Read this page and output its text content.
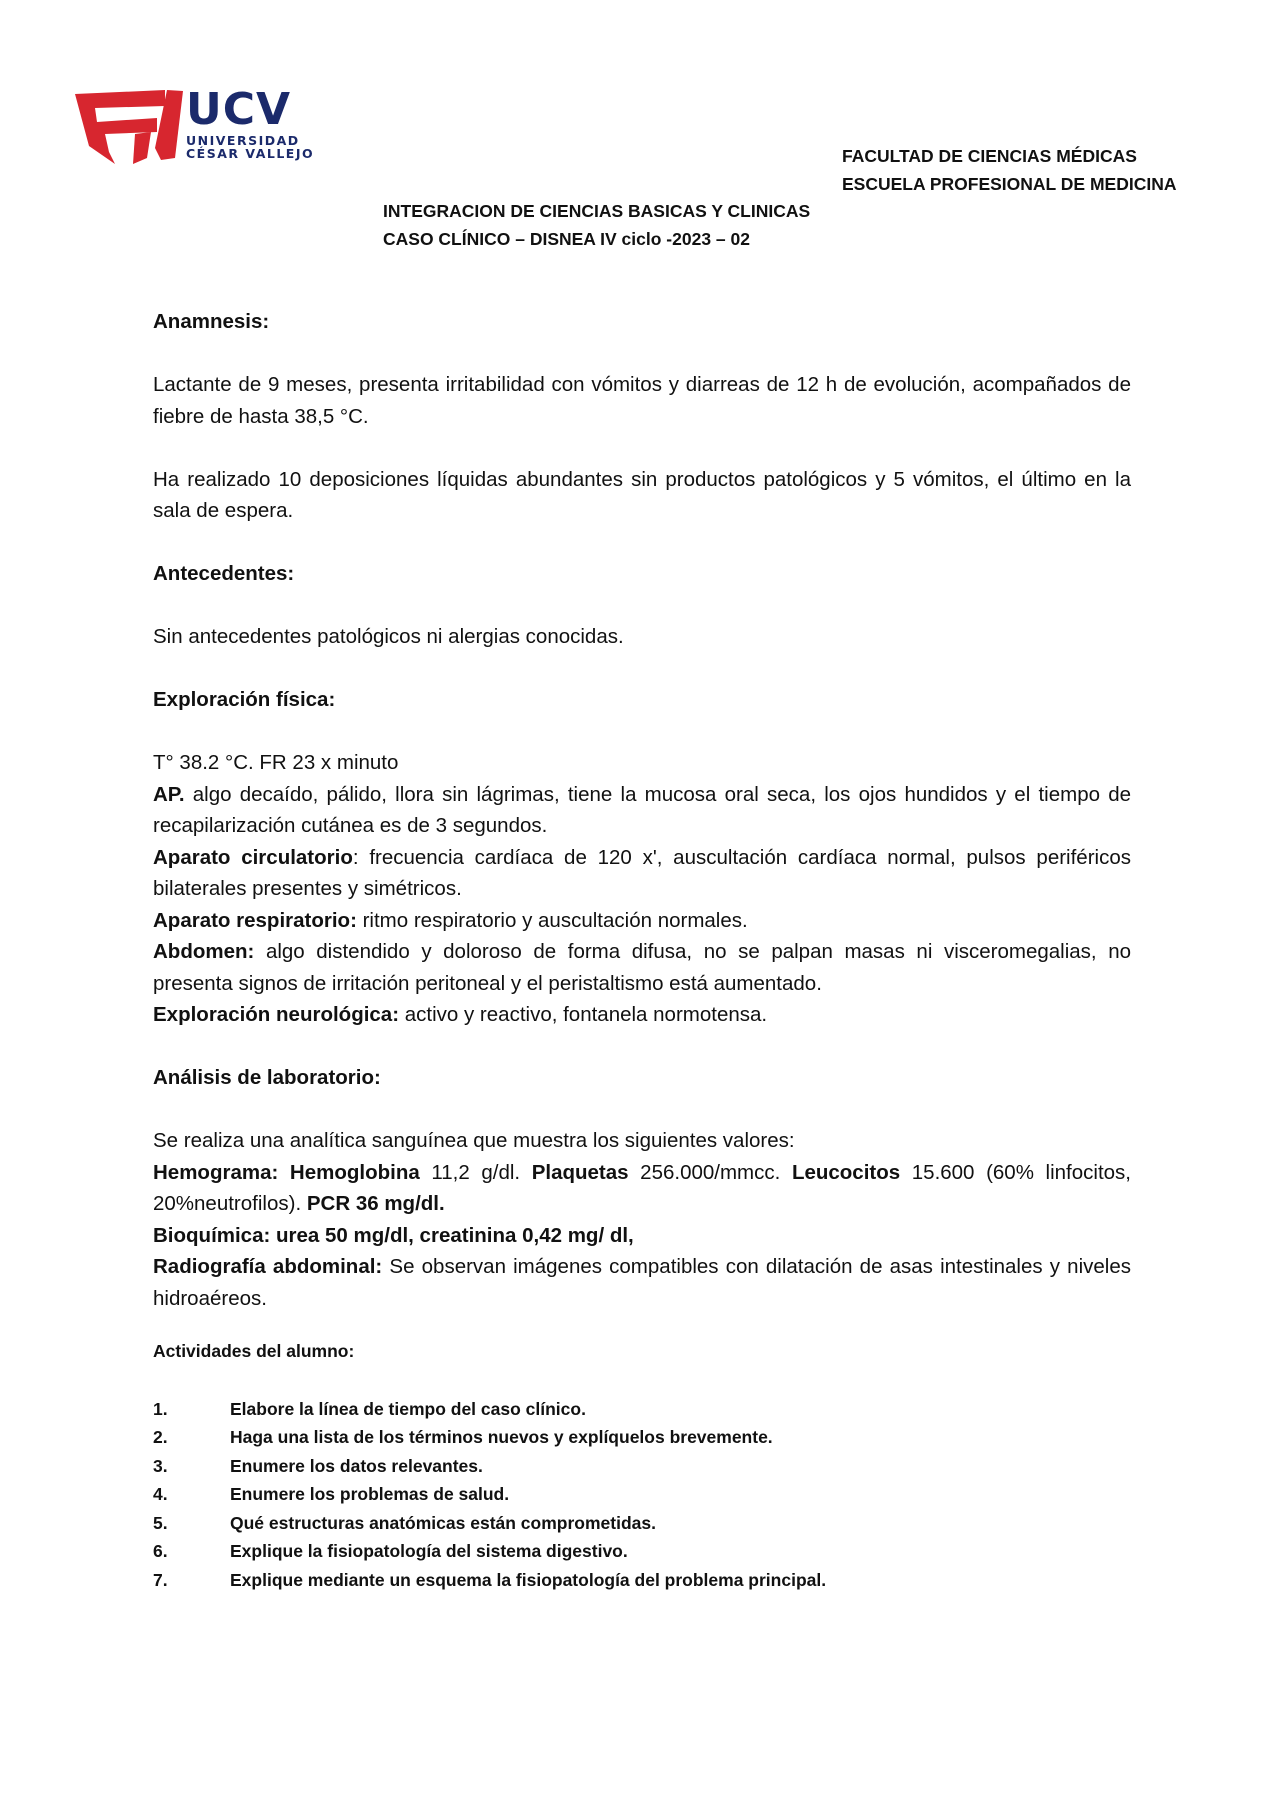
UCV
UNIVERSIDAD
CÉSAR VALLEJO	FACULTAD DE CIENCIAS MÉDICAS
ESCUELA PROFESIONAL DE MEDICINA
INTEGRACION DE CIENCIAS BASICAS Y CLINICAS
CASO CLÍNICO – DISNEA IV ciclo -2023 – 02

Anamnesis:

Lactante de 9 meses, presenta irritabilidad con vómitos y diarreas de 12 h de evolución, acompañados de fiebre de hasta 38,5 °C.

Ha realizado 10 deposiciones líquidas abundantes sin productos patológicos y 5 vómitos, el último en la sala de espera.

Antecedentes:

Sin antecedentes patológicos ni alergias conocidas.

Exploración física:

T° 38.2 °C. FR 23 x minuto

AP. algo decaído, pálido, llora sin lágrimas, tiene la mucosa oral seca, los ojos hundidos y el tiempo de recapilarización cutánea es de 3 segundos.

Aparato circulatorio: frecuencia cardíaca de 120 x', auscultación cardíaca normal, pulsos periféricos bilaterales presentes y simétricos.

Aparato respiratorio: ritmo respiratorio y auscultación normales.

Abdomen: algo distendido y doloroso de forma difusa, no se palpan masas ni visceromegalias, no presenta signos de irritación peritoneal y el peristaltismo está aumentado.

Exploración neurológica: activo y reactivo, fontanela normotensa.

Análisis de laboratorio:

Se realiza una analítica sanguínea que muestra los siguientes valores:

Hemograma: Hemoglobina 11,2 g/dl. Plaquetas 256.000/mmcc. Leucocitos 15.600 (60% linfocitos, 20%neutrofilos). PCR 36 mg/dl.

Bioquímica: urea 50 mg/dl, creatinina 0,42 mg/ dl,

Radiografía abdominal: Se observan imágenes compatibles con dilatación de asas intestinales y niveles hidroaéreos.

Actividades del alumno:
1.	Elabore la línea de tiempo del caso clínico.
2.	Haga una lista de los términos nuevos y explíquelos brevemente.
3.	Enumere los datos relevantes.
4.	Enumere los problemas de salud.
5.	Qué estructuras anatómicas están comprometidas.
6.	Explique la fisiopatología del sistema digestivo.
7.	Explique mediante un esquema la fisiopatología del problema principal.
